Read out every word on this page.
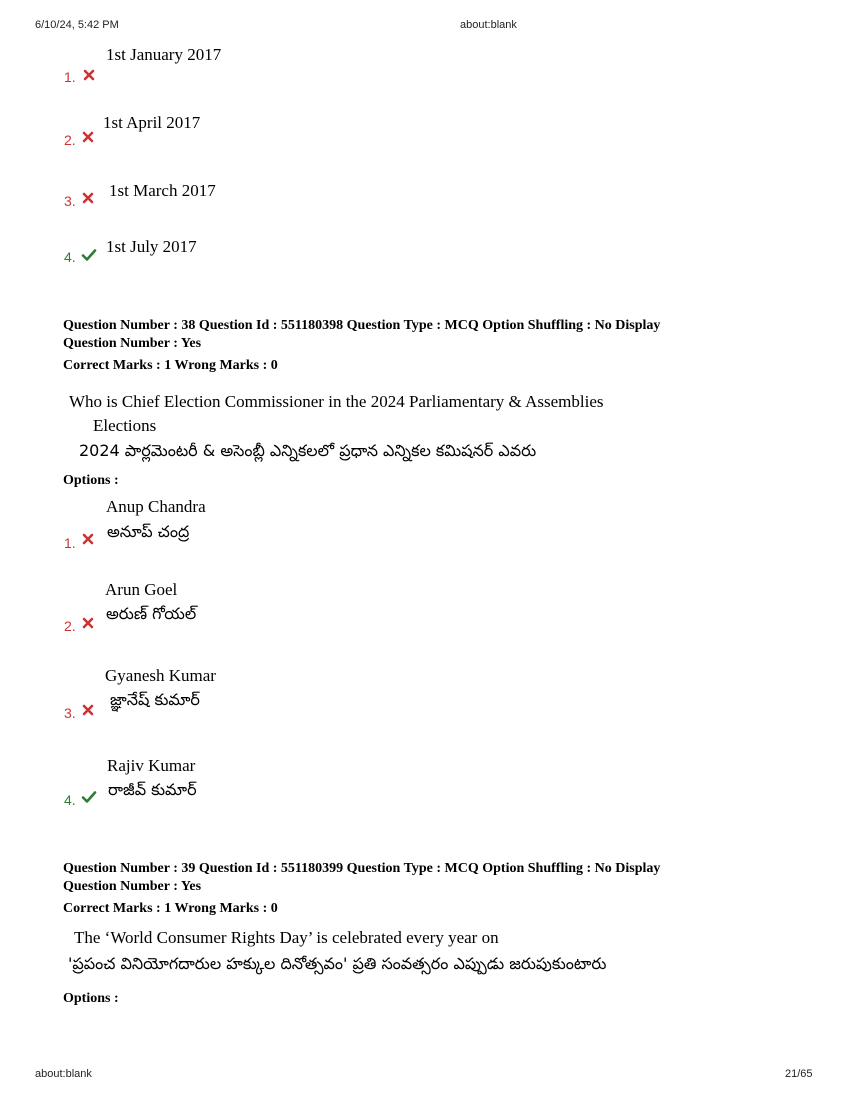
6/10/24, 5:42 PM	about:blank
1.
1st January 2017
2.
1st April 2017
3.
1st March 2017
4.
1st July 2017
Question Number : 38 Question Id : 551180398 Question Type : MCQ Option Shuffling : No Display
Question Number : Yes
Correct Marks : 1 Wrong Marks : 0
Who is Chief Election Commissioner in the 2024 Parliamentary & Assemblies
Elections
2024 పార్లమెంటరీ & అసెంబ్లీ ఎన్నికలలో ప్రధాన ఎన్నికల కమిషనర్ ఎవరు
Options :
Anup Chandra
అనూప్ చంద్ర
1.
Arun Goel
అరుణ్ గోయల్
2.
Gyanesh Kumar
జ్ఞానేష్ కుమార్
3.
Rajiv Kumar
రాజీవ్ కుమార్
4.
Question Number : 39 Question Id : 551180399 Question Type : MCQ Option Shuffling : No Display
Question Number : Yes
Correct Marks : 1 Wrong Marks : 0
The ‘World Consumer Rights Day’ is celebrated every year on
'ప్రపంచ వినియోగదారుల హక్కుల దినోత్సవం' ప్రతి సంవత్సరం ఎప్పుడు జరుపుకుంటారు
Options :
about:blank	21/65
